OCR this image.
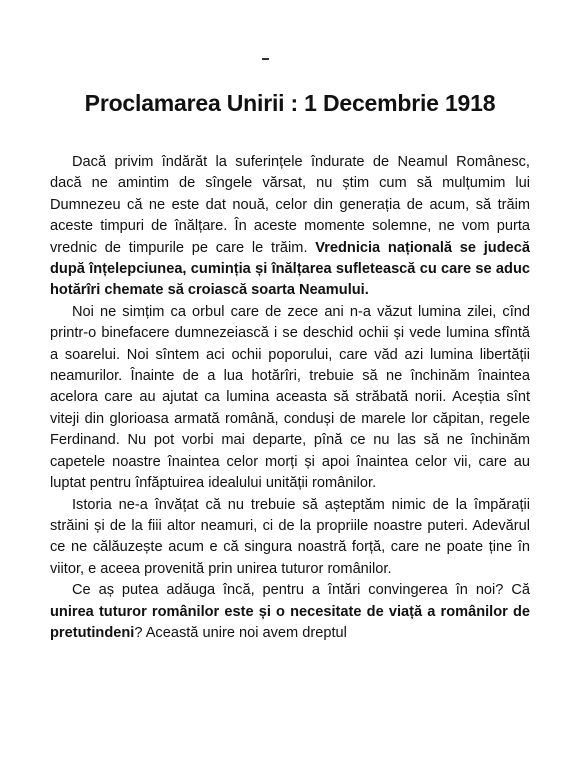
Proclamarea Unirii : 1 Decembrie 1918

Dacă privim îndărăt la suferințele îndurate de Neamul Românesc, dacă ne amintim de sîngele vărsat, nu știm cum să mulțumim lui Dumnezeu că ne este dat nouă, celor din generația de acum, să trăim aceste timpuri de înălțare. În aceste momente solemne, ne vom purta vrednic de timpurile pe care le trăim. Vrednicia națională se judecă după înțelepciunea, cuminția și înălțarea sufletească cu care se aduc hotărîri chemate să croiască soarta Neamului.

Noi ne simțim ca orbul care de zece ani n-a văzut lumina zilei, cînd printr-o binefacere dumnezeiască i se deschid ochii și vede lumina sfîntă a soarelui. Noi sîntem aci ochii poporului, care văd azi lumina libertății neamurilor. Înainte de a lua hotărîri, trebuie să ne închinăm înaintea acelora care au ajutat ca lumina aceasta să străbată norii. Aceștia sînt viteji din glorioasa armată română, conduși de marele lor căpitan, regele Ferdinand. Nu pot vorbi mai departe, pînă ce nu las să ne închinăm capetele noastre înaintea celor morți și apoi înaintea celor vii, care au luptat pentru înfăptuirea idealului unității românilor.

Istoria ne-a învățat că nu trebuie să așteptăm nimic de la împărații străini și de la fiii altor neamuri, ci de la propriile noastre puteri. Adevărul ce ne călăuzește acum e că singura noastră forță, care ne poate ține în viitor, e aceea provenită prin unirea tuturor românilor.

Ce aș putea adăuga încă, pentru a întări convingerea în noi? Că unirea tuturor românilor este și o necesitate de viață a românilor de pretutindeni? Această unire noi avem dreptul
